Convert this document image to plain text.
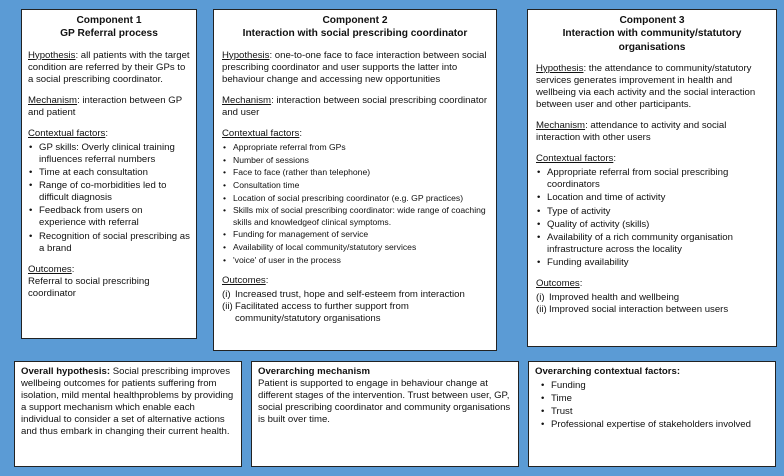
Component 1
GP Referral process
Hypothesis: all patients with the target condition are referred by their GPs to a social prescribing coordinator.
Mechanism: interaction between GP and patient
Contextual factors:
• GP skills: Overly clinical training influences referral numbers
• Time at each consultation
• Range of co-morbidities led to difficult diagnosis
• Feedback from users on experience with referral
• Recognition of social prescribing as a brand
Outcomes:
Referral to social prescribing coordinator
Component 2
Interaction with social prescribing coordinator
Hypothesis: one-to-one face to face interaction between social prescribing coordinator and user supports the latter into behaviour change and accessing new opportunities
Mechanism: interaction between social prescribing coordinator and user
Contextual factors:
• Appropriate referral from GPs
• Number of sessions
• Face to face (rather than telephone)
• Consultation time
• Location of social prescribing coordinator (e.g. GP practices)
• Skills mix of social prescribing coordinator: wide range of coaching skills and knowledgeof clinical symptoms.
• Funding for management of service
• Availability of local community/statutory services
• 'voice' of user in the process
Outcomes:
(i) Increased trust, hope and self-esteem from interaction
(ii) Facilitated access to further support from community/statutory organisations
Component 3
Interaction with community/statutory organisations
Hypothesis: the attendance to community/statutory services generates improvement in health and wellbeing via each activity and the social interaction between user and other participants.
Mechanism: attendance to activity and social interaction with other users
Contextual factors:
• Appropriate referral from social prescribing coordinators
• Location and time of activity
• Type of activity
• Quality of activity (skills)
• Availability of a rich community organisation infrastructure across the locality
• Funding availability
Outcomes:
(i) Improved health and wellbeing
(ii) Improved social interaction between users
Overall hypothesis: Social prescribing improves wellbeing outcomes for patients suffering from isolation, mild mental healthproblems by providing a support mechanism which enable each individual to consider a set of alternative actions and thus embark in changing their current health.
Overarching mechanism
Patient is supported to engage in behaviour change at different stages of the intervention. Trust between user, GP, social prescribing coordinator and community organisations is built over time.
Overarching contextual factors:
• Funding
• Time
• Trust
• Professional expertise of stakeholders involved
